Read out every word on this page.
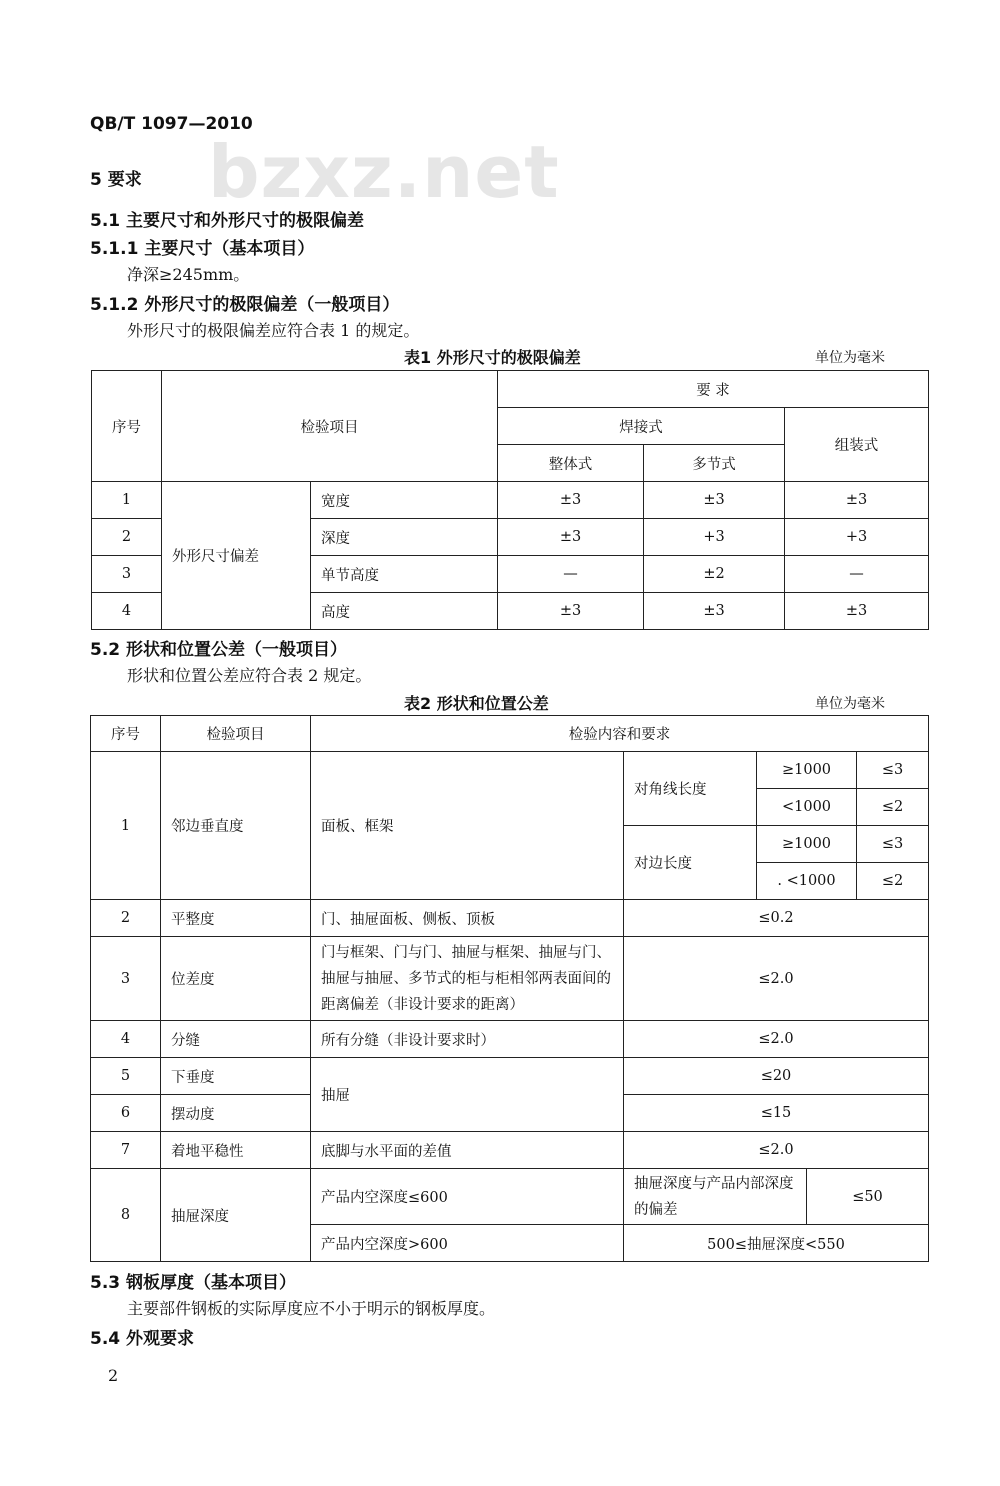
QB/T 1097—2010
bzxz.net
5 要求
5.1 主要尺寸和外形尺寸的极限偏差
5.1.1 主要尺寸（基本项目）
净深≥245mm。
5.1.2 外形尺寸的极限偏差（一般项目）
外形尺寸的极限偏差应符合表 1 的规定。
表1 外形尺寸的极限偏差	单位为毫米
序号	检验项目		要 求		
			焊接式		组装式
			整体式	多节式	
1	外形尺寸偏差	宽度	±3	±3	±3
2		深度	±3	+3	+3
3		单节高度	—	±2	—
4		高度	±3	±3	±3
5.2 形状和位置公差（一般项目）
形状和位置公差应符合表 2 规定。
表2 形状和位置公差	单位为毫米
序号	检验项目	检验内容和要求				
1	邻边垂直度	面板、框架	对角线长度	≥1000		≤3
				<1000		≤2
			对边长度	≥1000		≤3
				. <1000		≤2
2	平整度	门、抽屉面板、侧板、顶板	≤0.2			
3	位差度	门与框架、门与门、抽屉与框架、抽屉与门、抽屉与抽屉、多节式的柜与柜相邻两表面间的距离偏差（非设计要求的距离）	≤2.0			
4	分缝	所有分缝（非设计要求时）	≤2.0			
5	下垂度	抽屉	≤20			
6	摆动度		≤15			
7	着地平稳性	底脚与水平面的差值	≤2.0			
8	抽屉深度	产品内空深度≤600	抽屉深度与产品内部深度的偏差		≤50	
		产品内空深度>600	500≤抽屉深度<550			
5.3 钢板厚度（基本项目）
主要部件钢板的实际厚度应不小于明示的钢板厚度。
5.4 外观要求
2
